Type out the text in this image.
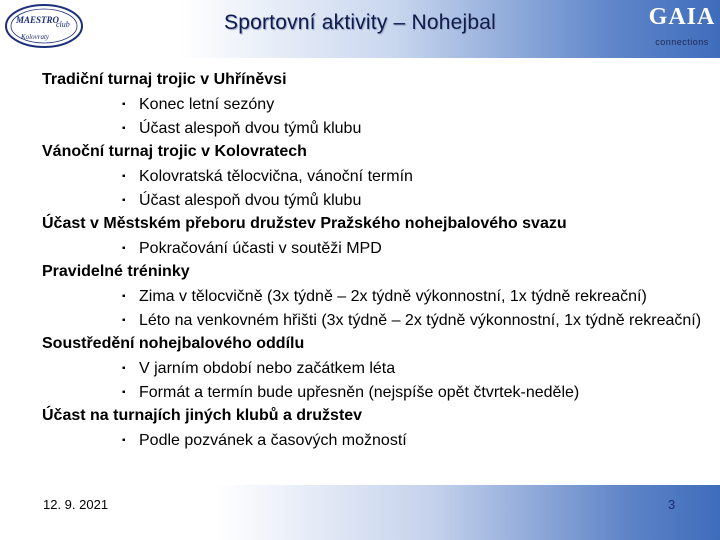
MAESTRO
club
Kolovraty
Sportovní aktivity – Nohejbal	GAIA
connections
Tradiční turnaj trojic v Uhříněvsi
▪ Konec letní sezóny
▪ Účast alespoň dvou týmů klubu
Vánoční turnaj trojic v Kolovratech
▪ Kolovratská tělocvična, vánoční termín
▪ Účast alespoň dvou týmů klubu
Účast v Městském přeboru družstev Pražského nohejbalového svazu
▪ Pokračování účasti v soutěži MPD
Pravidelné tréninky
▪ Zima v tělocvičně (3x týdně – 2x týdně výkonnostní, 1x týdně rekreační)
▪ Léto na venkovném hřišti (3x týdně – 2x týdně výkonnostní, 1x týdně rekreační)
Soustředění nohejbalového oddílu
▪ V jarním období nebo začátkem léta
▪ Formát a termín bude upřesněn (nejspíše opět čtvrtek-neděle)
Účast na turnajích jiných klubů a družstev
▪ Podle pozvánek a časových možností
12. 9. 2021	3
